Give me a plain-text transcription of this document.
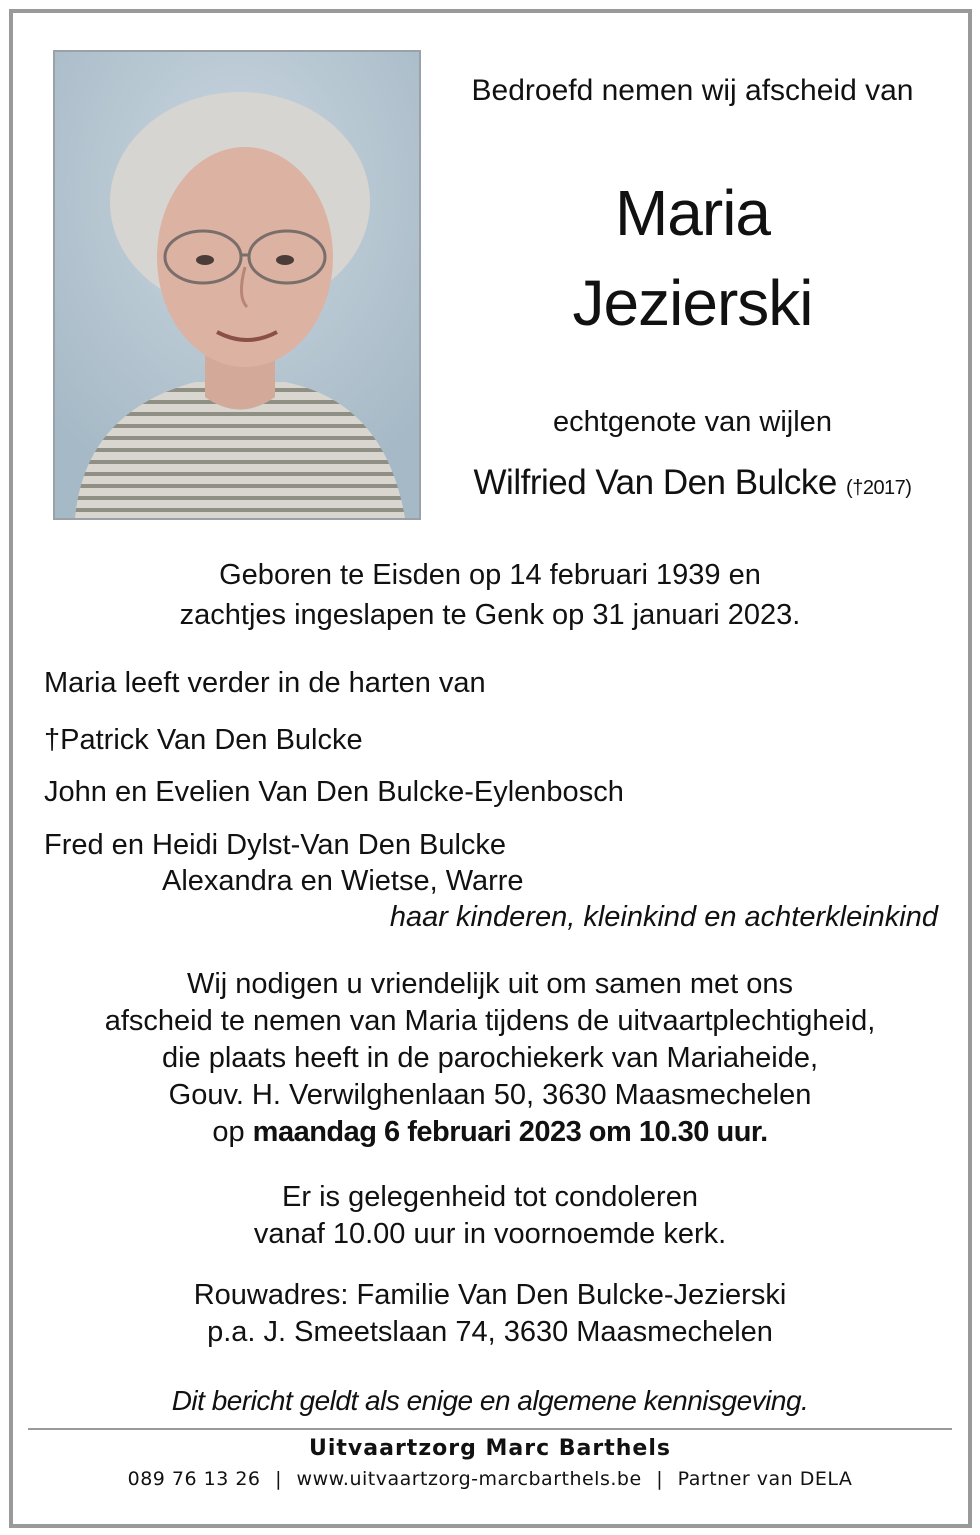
Bedroefd nemen wij afscheid van
Maria
Jezierski
echtgenote van wijlen
Wilfried Van Den Bulcke (†2017)
Geboren te Eisden op 14 februari 1939 en
zachtjes ingeslapen te Genk op 31 januari 2023.
Maria leeft verder in de harten van
†Patrick Van Den Bulcke
John en Evelien Van Den Bulcke-Eylenbosch
Fred en Heidi Dylst-Van Den Bulcke
Alexandra en Wietse, Warre
haar kinderen, kleinkind en achterkleinkind
Wij nodigen u vriendelijk uit om samen met ons
afscheid te nemen van Maria tijdens de uitvaartplechtigheid,
die plaats heeft in de parochiekerk van Mariaheide,
Gouv. H. Verwilghenlaan 50, 3630 Maasmechelen
op maandag 6 februari 2023 om 10.30 uur.
Er is gelegenheid tot condoleren
vanaf 10.00 uur in voornoemde kerk.
Rouwadres: Familie Van Den Bulcke-Jezierski
p.a. J. Smeetslaan 74, 3630 Maasmechelen
Dit bericht geldt als enige en algemene kennisgeving.
Uitvaartzorg Marc Barthels
089 76 13 26 | www.uitvaartzorg-marcbarthels.be | Partner van DELA
